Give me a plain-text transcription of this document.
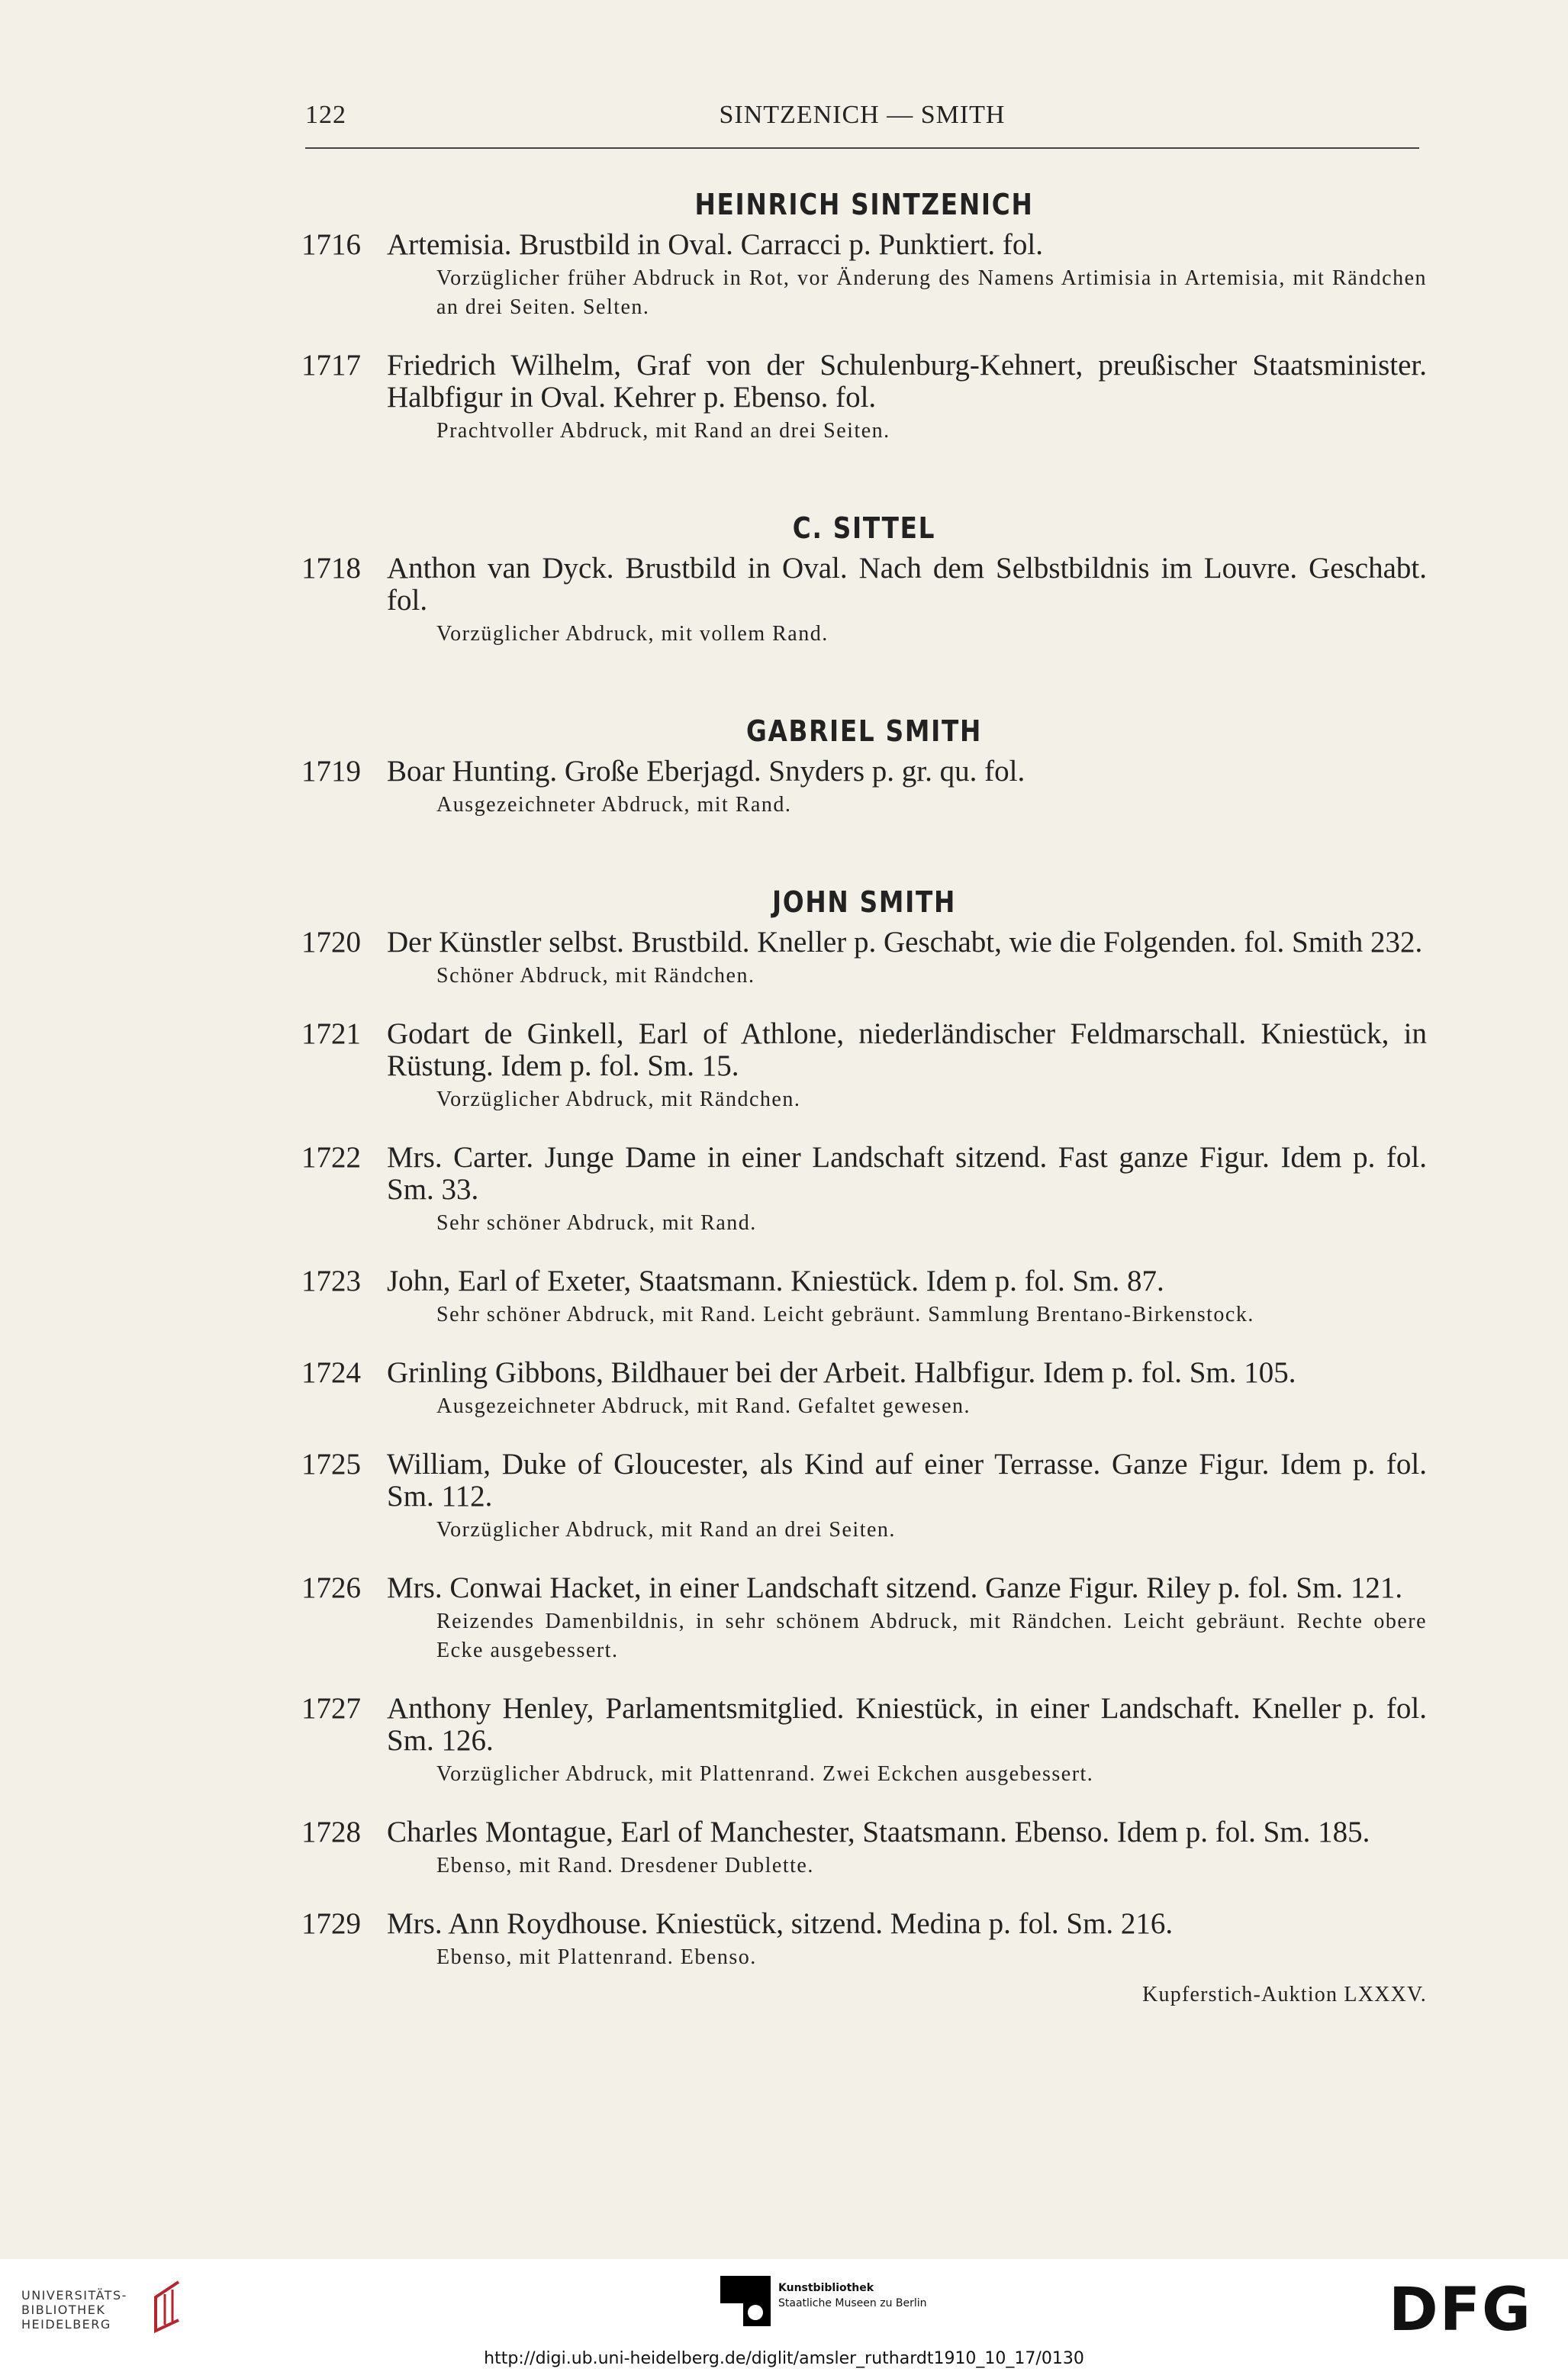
122	SINTZENICH — SMITH
HEINRICH SINTZENICH
1716 Artemisia. Brustbild in Oval. Carracci p. Punktiert. fol.
Vorzüglicher früher Abdruck in Rot, vor Änderung des Namens Artimisia in Artemisia, mit Rändchen an drei Seiten. Selten.
1717 Friedrich Wilhelm, Graf von der Schulenburg-Kehnert, preußischer Staatsminister. Halbfigur in Oval. Kehrer p. Ebenso. fol.
Prachtvoller Abdruck, mit Rand an drei Seiten.
C. SITTEL
1718 Anthon van Dyck. Brustbild in Oval. Nach dem Selbstbildnis im Louvre. Geschabt. fol.
Vorzüglicher Abdruck, mit vollem Rand.
GABRIEL SMITH
1719 Boar Hunting. Große Eberjagd. Snyders p. gr. qu. fol.
Ausgezeichneter Abdruck, mit Rand.
JOHN SMITH
1720 Der Künstler selbst. Brustbild. Kneller p. Geschabt, wie die Folgenden. fol. Smith 232.
Schöner Abdruck, mit Rändchen.
1721 Godart de Ginkell, Earl of Athlone, niederländischer Feldmarschall. Kniestück, in Rüstung. Idem p. fol. Sm. 15.
Vorzüglicher Abdruck, mit Rändchen.
1722 Mrs. Carter. Junge Dame in einer Landschaft sitzend. Fast ganze Figur. Idem p. fol. Sm. 33.
Sehr schöner Abdruck, mit Rand.
1723 John, Earl of Exeter, Staatsmann. Kniestück. Idem p. fol. Sm. 87.
Sehr schöner Abdruck, mit Rand. Leicht gebräunt. Sammlung Brentano-Birkenstock.
1724 Grinling Gibbons, Bildhauer bei der Arbeit. Halbfigur. Idem p. fol. Sm. 105.
Ausgezeichneter Abdruck, mit Rand. Gefaltet gewesen.
1725 William, Duke of Gloucester, als Kind auf einer Terrasse. Ganze Figur. Idem p. fol. Sm. 112.
Vorzüglicher Abdruck, mit Rand an drei Seiten.
1726 Mrs. Conwai Hacket, in einer Landschaft sitzend. Ganze Figur. Riley p. fol. Sm. 121.
Reizendes Damenbildnis, in sehr schönem Abdruck, mit Rändchen. Leicht gebräunt. Rechte obere Ecke ausgebessert.
1727 Anthony Henley, Parlamentsmitglied. Kniestück, in einer Landschaft. Kneller p. fol. Sm. 126.
Vorzüglicher Abdruck, mit Plattenrand. Zwei Eckchen ausgebessert.
1728 Charles Montague, Earl of Manchester, Staatsmann. Ebenso. Idem p. fol. Sm. 185.
Ebenso, mit Rand. Dresdener Dublette.
1729 Mrs. Ann Roydhouse. Kniestück, sitzend. Medina p. fol. Sm. 216.
Ebenso, mit Plattenrand. Ebenso.
Kupferstich-Auktion LXXXV.
UNIVERSITÄTS-
BIBLIOTHEK
HEIDELBERG
Kunstbibliothek
Staatliche Museen zu Berlin	DFG
http://digi.ub.uni-heidelberg.de/diglit/amsler_ruthardt1910_10_17/0130
